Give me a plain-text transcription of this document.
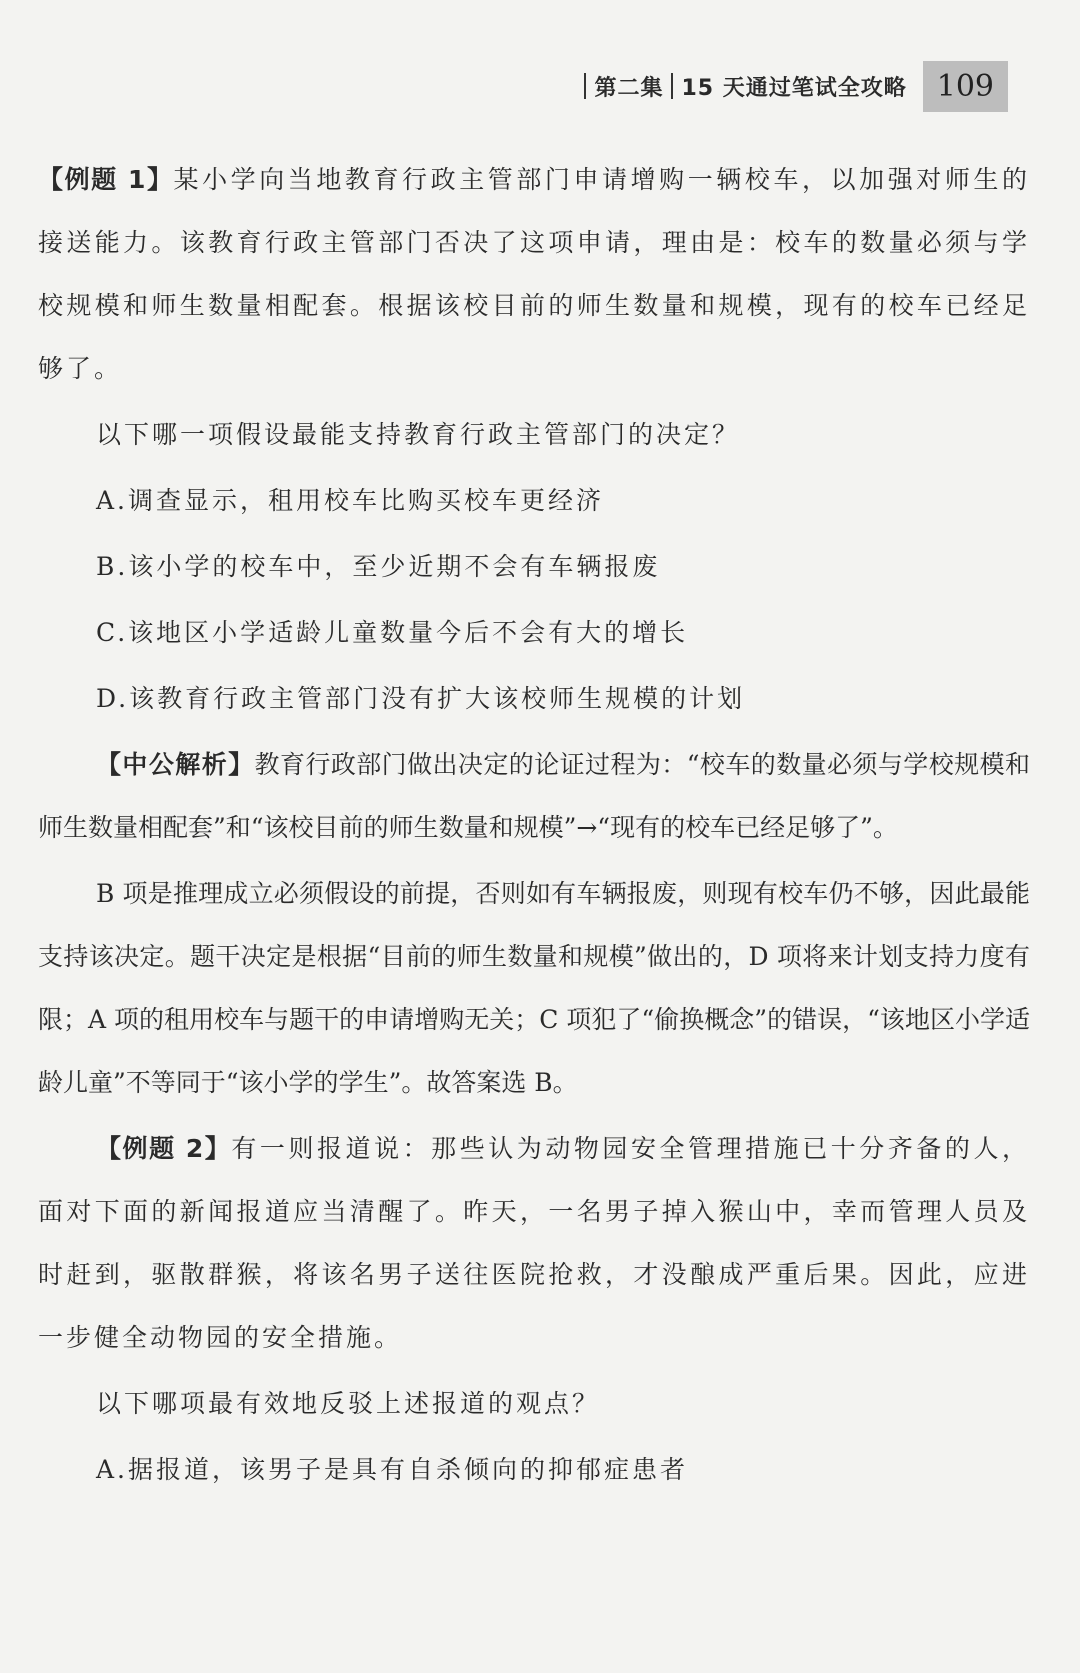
第二集 15 天通过笔试全攻略	109

【例题 1】某小学向当地教育行政主管部门申请增购一辆校车，以加强对师生的接送能力。该教育行政主管部门否决了这项申请，理由是：校车的数量必须与学校规模和师生数量相配套。根据该校目前的师生数量和规模，现有的校车已经足够了。

以下哪一项假设最能支持教育行政主管部门的决定？

A.调查显示，租用校车比购买校车更经济

B.该小学的校车中，至少近期不会有车辆报废

C.该地区小学适龄儿童数量今后不会有大的增长

D.该教育行政主管部门没有扩大该校师生规模的计划

【中公解析】教育行政部门做出决定的论证过程为：“校车的数量必须与学校规模和师生数量相配套”和“该校目前的师生数量和规模”→“现有的校车已经足够了”。

B 项是推理成立必须假设的前提，否则如有车辆报废，则现有校车仍不够，因此最能支持该决定。题干决定是根据“目前的师生数量和规模”做出的，D 项将来计划支持力度有限；A 项的租用校车与题干的申请增购无关；C 项犯了“偷换概念”的错误，“该地区小学适龄儿童”不等同于“该小学的学生”。故答案选 B。

【例题 2】有一则报道说：那些认为动物园安全管理措施已十分齐备的人，面对下面的新闻报道应当清醒了。昨天，一名男子掉入猴山中，幸而管理人员及时赶到，驱散群猴，将该名男子送往医院抢救，才没酿成严重后果。因此，应进一步健全动物园的安全措施。

以下哪项最有效地反驳上述报道的观点？

A.据报道，该男子是具有自杀倾向的抑郁症患者
